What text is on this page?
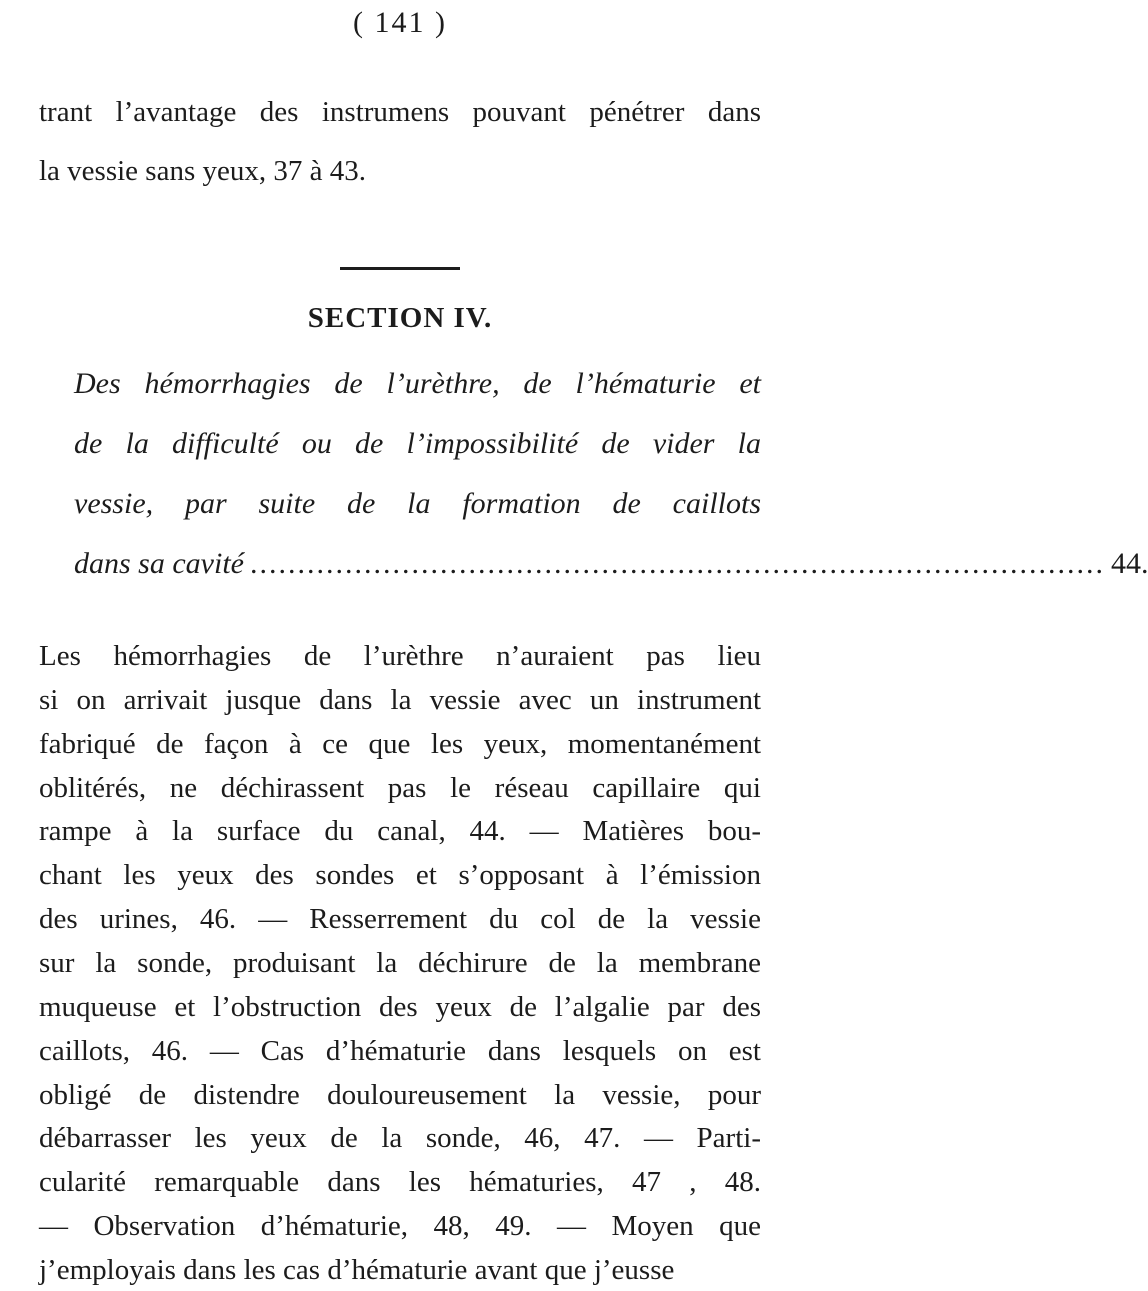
( 141 )
trant l’avantage des instrumens pouvant pénétrer dans
la vessie sans yeux, 37 à 43.
SECTION IV.
Des hémorrhagies de l’urèthre, de l’hématurie et
de la difficulté ou de l’impossibilité de vider la
vessie, par suite de la formation de caillots
dans sa cavité .......................................................................................... 44.
Les hémorrhagies de l’urèthre n’auraient pas lieu
si on arrivait jusque dans la vessie avec un instrument
fabriqué de façon à ce que les yeux, momentanément
oblitérés, ne déchirassent pas le réseau capillaire qui
rampe à la surface du canal, 44. — Matières bou-
chant les yeux des sondes et s’opposant à l’émission
des urines, 46. — Resserrement du col de la vessie
sur la sonde, produisant la déchirure de la membrane
muqueuse et l’obstruction des yeux de l’algalie par des
caillots, 46. — Cas d’hématurie dans lesquels on est
obligé de distendre douloureusement la vessie, pour
débarrasser les yeux de la sonde, 46, 47. — Parti-
cularité remarquable dans les hématuries, 47 , 48.
— Observation d’hématurie, 48, 49. — Moyen que
j’employais dans les cas d’hématurie avant que j’eusse
